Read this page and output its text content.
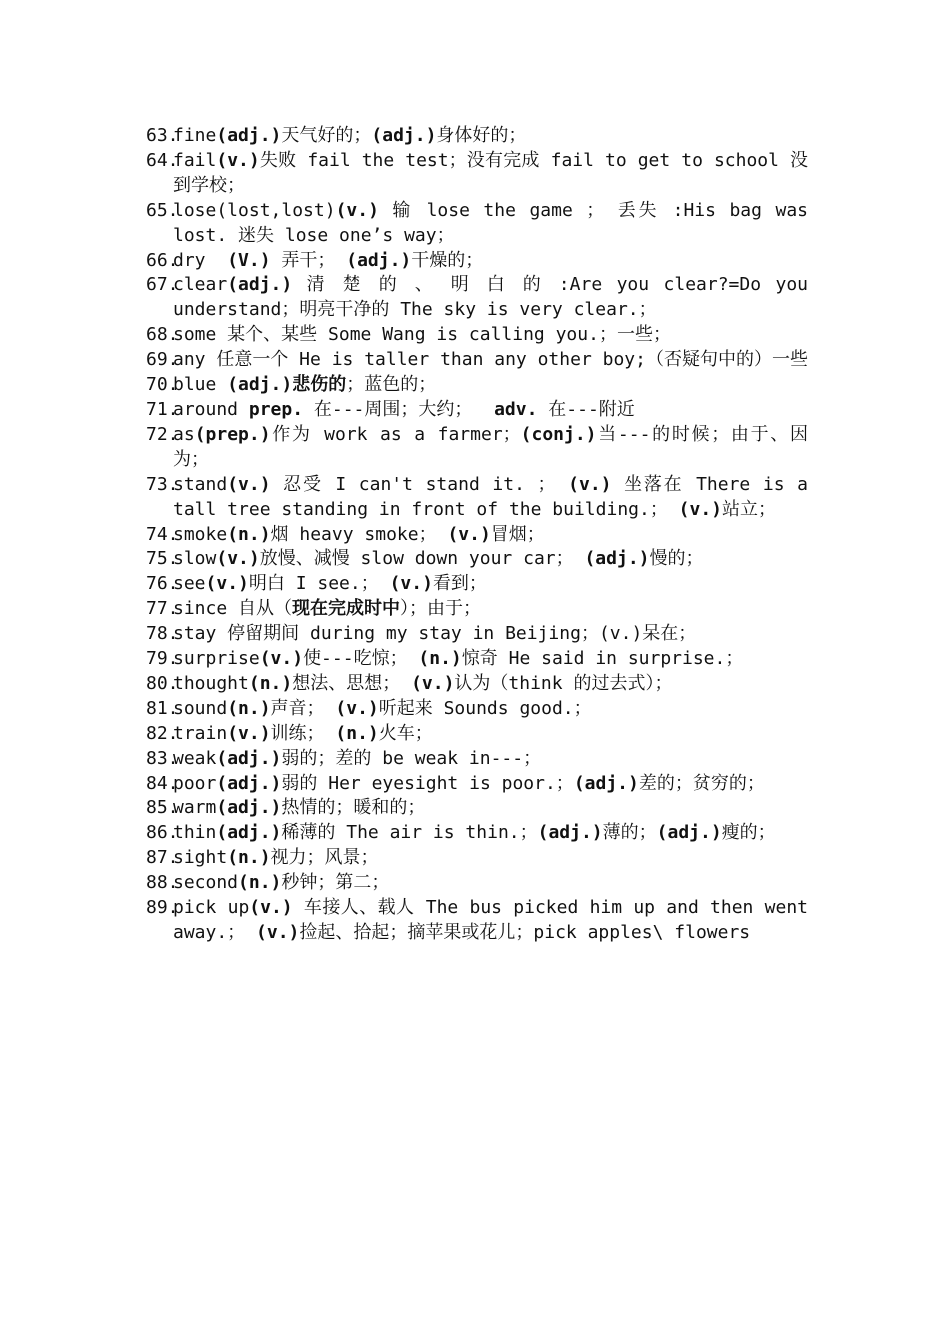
63.
fine(adj.)天气好的；(adj.)身体好的；
64.
fail(v.)失败 fail the test；没有完成 fail to get to school 没到学校；
65.
lose(lost,lost)(v.) 输 lose the game ； 丢失 :His bag was lost. 迷失 lose one’s way；
66.
dry  (V.) 弄干； (adj.)干燥的；
67.
clear(adj.) 清 楚 的 、 明 白 的 :Are you clear?=Do you understand；明亮干净的 The sky is very clear.；
68.
some 某个、某些 Some Wang is calling you.；一些；
69.
any 任意一个 He is taller than any other boy;（否疑句中的）一些
70.
blue (adj.)悲伤的；蓝色的；
71.
around prep. 在---周围；大约；  adv. 在---附近
72.
as(prep.)作为 work as a farmer；(conj.)当---的时候；由于、因为；
73.
stand(v.) 忍受 I can't stand it. ； (v.) 坐落在 There is a tall tree standing in front of the building.； (v.)站立；
74.
smoke(n.)烟 heavy smoke； (v.)冒烟；
75.
slow(v.)放慢、减慢 slow down your car； (adj.)慢的；
76.
see(v.)明白 I see.； (v.)看到；
77.
since 自从（现在完成时中）；由于；
78.
stay 停留期间 during my stay in Beijing；(v.)呆在；
79.
surprise(v.)使---吃惊； (n.)惊奇 He said in surprise.；
80.
thought(n.)想法、思想； (v.)认为（think 的过去式）；
81.
sound(n.)声音； (v.)听起来 Sounds good.；
82.
train(v.)训练； (n.)火车；
83.
weak(adj.)弱的；差的 be weak in---；
84.
poor(adj.)弱的 Her eyesight is poor.；(adj.)差的；贫穷的；
85.
warm(adj.)热情的；暖和的；
86.
thin(adj.)稀薄的 The air is thin.；(adj.)薄的；(adj.)瘦的；
87.
sight(n.)视力；风景；
88.
second(n.)秒钟；第二；
89.
pick up(v.) 车接人、载人 The bus picked him up and then went away.； (v.)捡起、拾起；摘苹果或花儿；pick apples\ flowers
